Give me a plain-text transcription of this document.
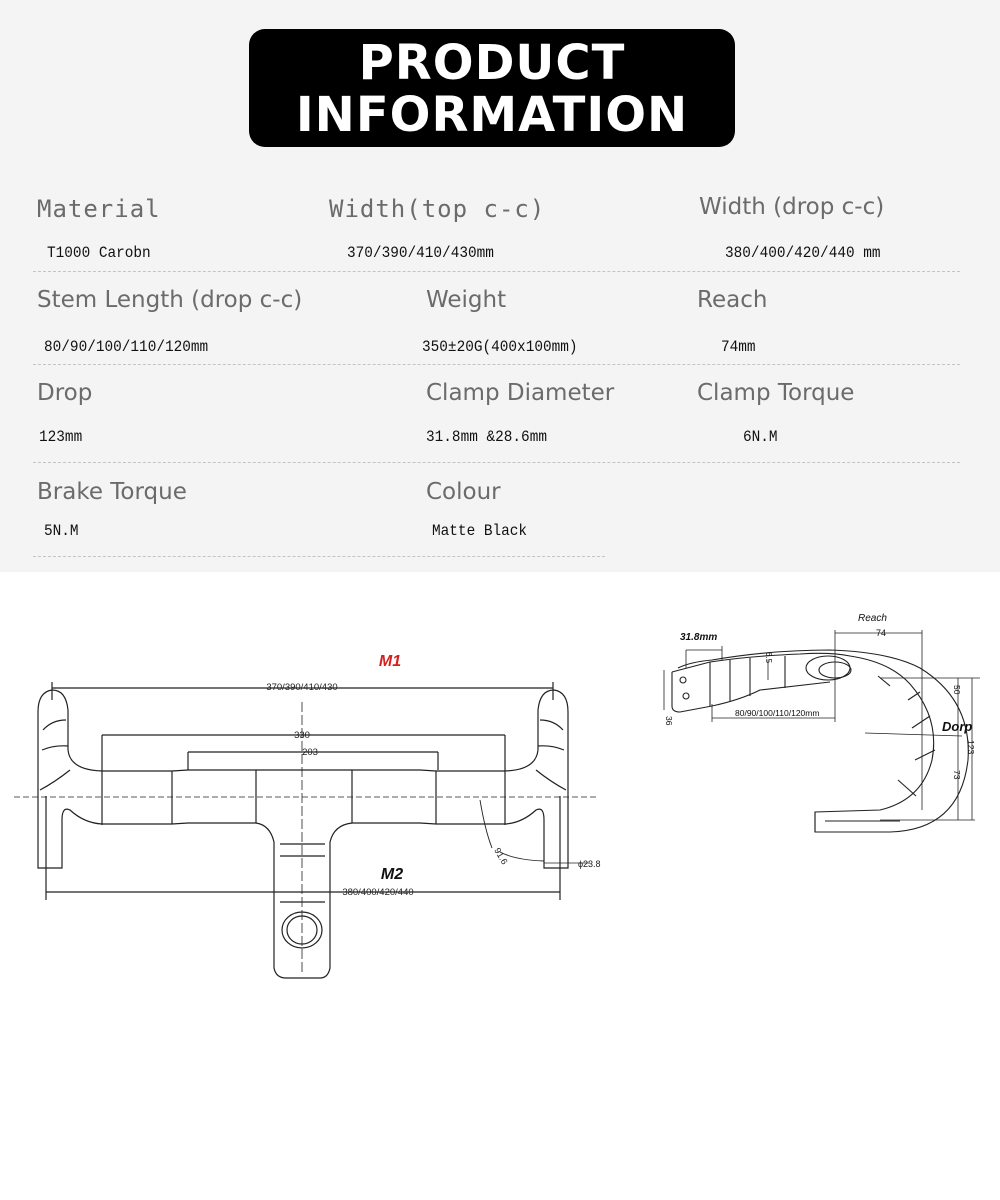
PRODUCT
INFORMATION
Material
T1000 Carobn
Width(top c-c)
370/390/410/430mm
Width (drop c-c)
380/400/420/440 mm
Stem Length (drop c-c)
80/90/100/110/120mm
Weight
350±20G(400x100mm)
Reach
74mm
Drop
123mm
Clamp Diameter
31.8mm &28.6mm
Clamp Torque
6N.M
Brake Torque
5N.M
Colour
Matte Black
370/390/410/430
330
203
380/400/420/440
91.6	ϕ23.8
M1
M2
Reach
74
31.8mm
80/90/100/110/120mm
6.5
36
50
73
123
Dorp
